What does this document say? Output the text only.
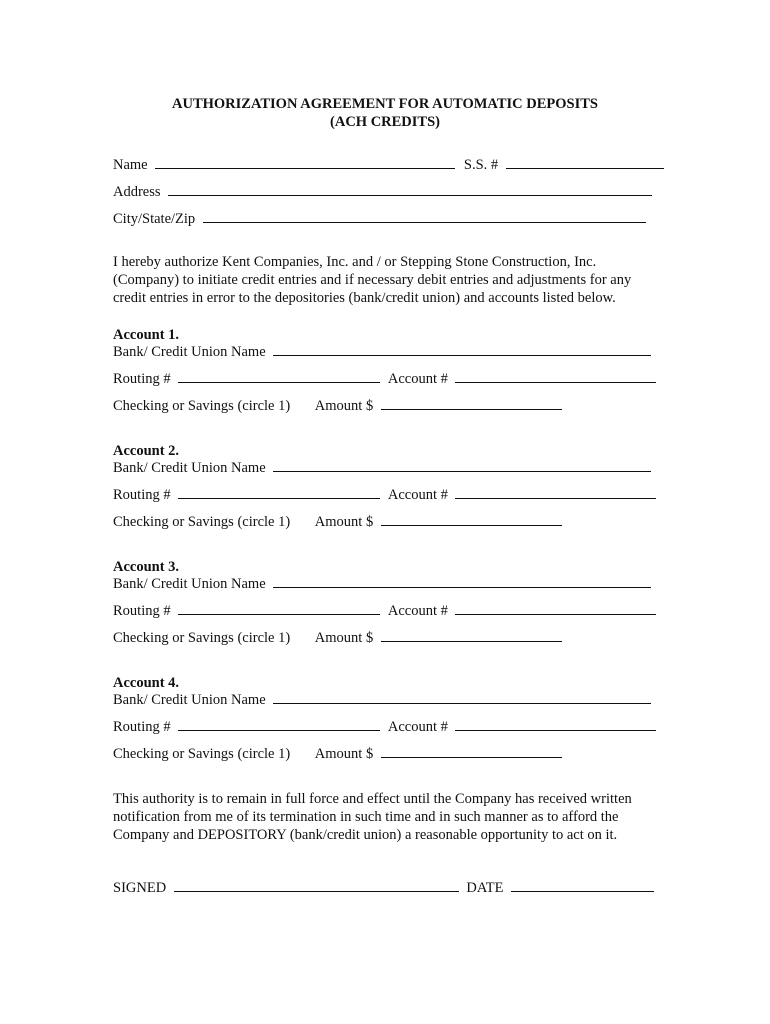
AUTHORIZATION AGREEMENT FOR AUTOMATIC DEPOSITS
(ACH CREDITS)
Name	S.S. #
Address
City/State/Zip
I hereby authorize Kent Companies, Inc. and / or Stepping Stone Construction, Inc.
(Company) to initiate credit entries and if necessary debit entries and adjustments for any
credit entries in error to the depositories (bank/credit union) and accounts listed below.
Account 1.
Bank/ Credit Union Name
Routing #	Account #
Checking or Savings (circle 1) Amount $
Account 2.
Bank/ Credit Union Name
Routing #	Account #
Checking or Savings (circle 1) Amount $
Account 3.
Bank/ Credit Union Name
Routing #	Account #
Checking or Savings (circle 1) Amount $
Account 4.
Bank/ Credit Union Name
Routing #	Account #
Checking or Savings (circle 1) Amount $
This authority is to remain in full force and effect until the Company has received written
notification from me of its termination in such time and in such manner as to afford the
Company and DEPOSITORY (bank/credit union) a reasonable opportunity to act on it.
SIGNED	DATE
